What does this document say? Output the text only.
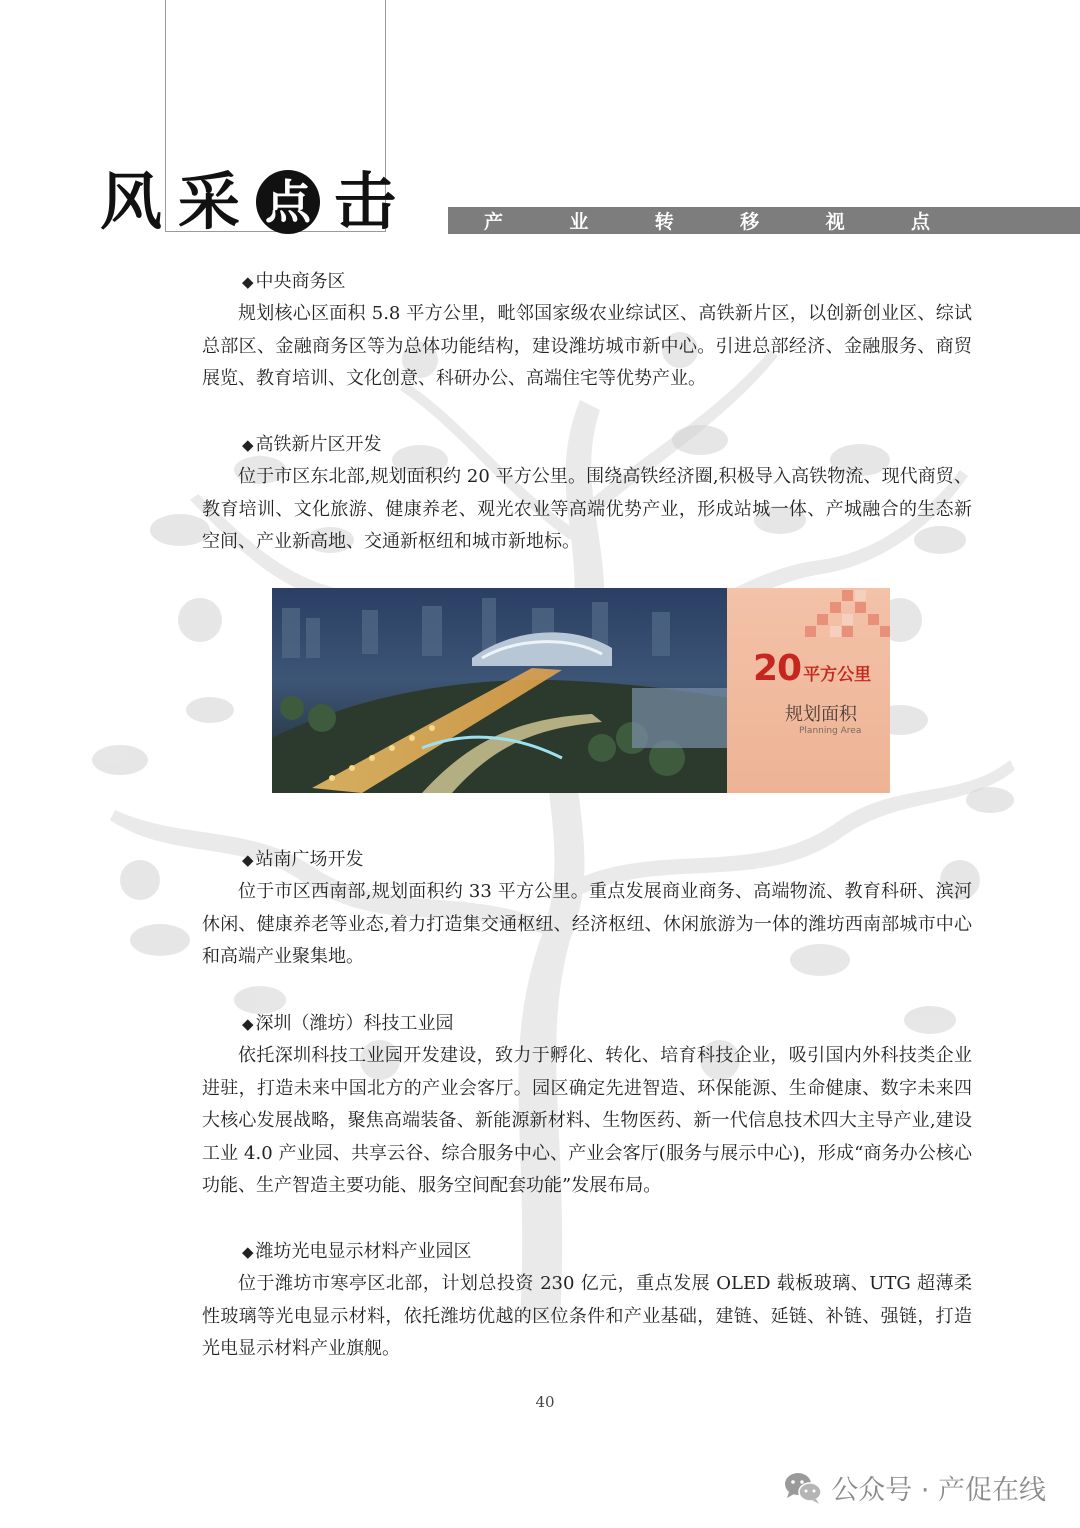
风 采 点 击	产	业	转	移	视	点
◆ 中央商务区

规划核心区面积 5.8 平方公里，毗邻国家级农业综试区、高铁新片区，以创新创业区、综试总部区、金融商务区等为总体功能结构，建设潍坊城市新中心。引进总部经济、金融服务、商贸展览、教育培训、文化创意、科研办公、高端住宅等优势产业。

◆ 高铁新片区开发

位于市区东北部,规划面积约 20 平方公里。围绕高铁经济圈,积极导入高铁物流、现代商贸、教育培训、文化旅游、健康养老、观光农业等高端优势产业，形成站城一体、产城融合的生态新空间、产业新高地、交通新枢纽和城市新地标。

20 平方公里
规划面积
Planning Area
◆ 站南广场开发

位于市区西南部,规划面积约 33 平方公里。重点发展商业商务、高端物流、教育科研、滨河休闲、健康养老等业态,着力打造集交通枢纽、经济枢纽、休闲旅游为一体的潍坊西南部城市中心和高端产业聚集地。

◆ 深圳（潍坊）科技工业园

依托深圳科技工业园开发建设，致力于孵化、转化、培育科技企业，吸引国内外科技类企业进驻，打造未来中国北方的产业会客厅。园区确定先进智造、环保能源、生命健康、数字未来四大核心发展战略，聚焦高端装备、新能源新材料、生物医药、新一代信息技术四大主导产业,建设工业 4.0 产业园、共享云谷、综合服务中心、产业会客厅(服务与展示中心)，形成“商务办公核心功能、生产智造主要功能、服务空间配套功能”发展布局。

◆ 潍坊光电显示材料产业园区

位于潍坊市寒亭区北部，计划总投资 230 亿元，重点发展 OLED 载板玻璃、UTG 超薄柔性玻璃等光电显示材料，依托潍坊优越的区位条件和产业基础，建链、延链、补链、强链，打造光电显示材料产业旗舰。

40
公众号 · 产促在线
